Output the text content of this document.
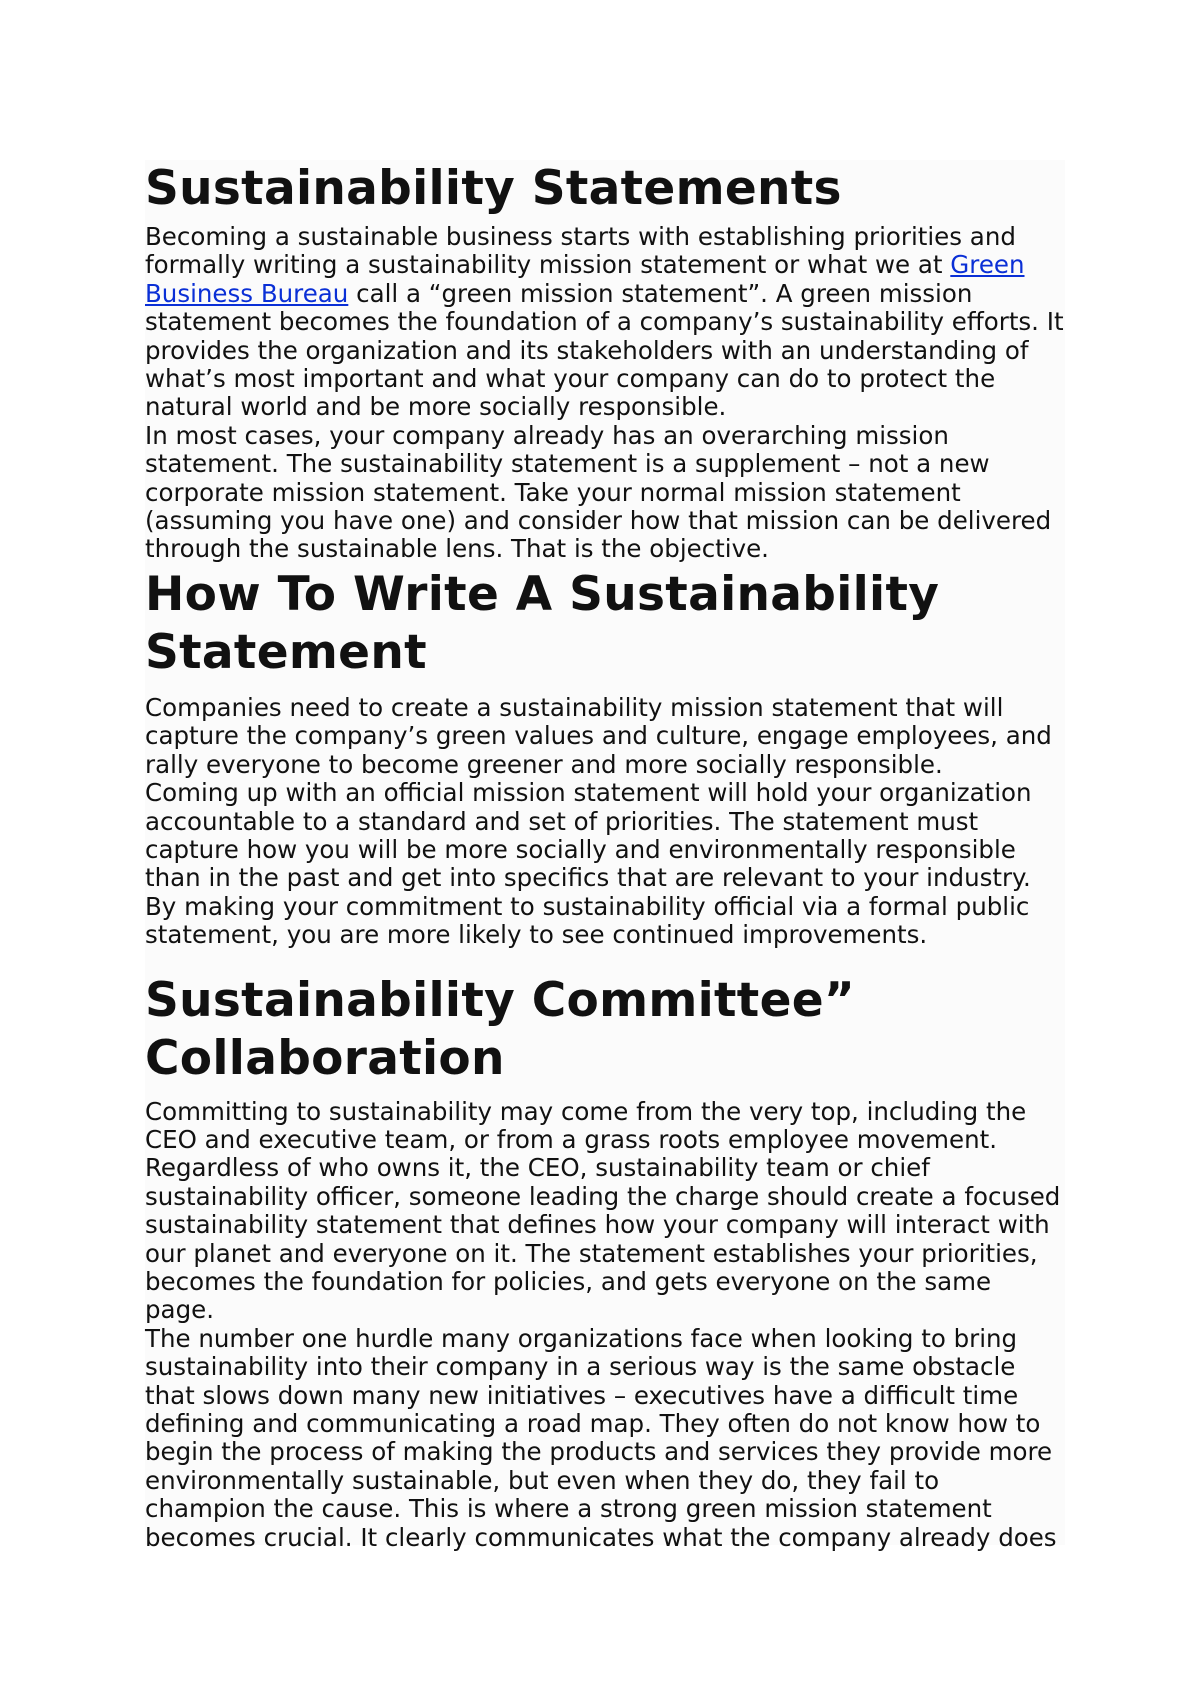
Sustainability Statements

Becoming a sustainable business starts with establishing priorities and formally writing a sustainability mission statement or what we at Green Business Bureau call a “green mission statement”. A green mission statement becomes the foundation of a company’s sustainability efforts. It provides the organization and its stakeholders with an understanding of what’s most important and what your company can do to protect the natural world and be more socially responsible.

In most cases, your company already has an overarching mission statement. The sustainability statement is a supplement – not a new corporate mission statement. Take your normal mission statement (assuming you have one) and consider how that mission can be delivered through the sustainable lens. That is the objective.

How To Write A Sustainability Statement

Companies need to create a sustainability mission statement that will capture the company’s green values and culture, engage employees, and rally everyone to become greener and more socially responsible.

Coming up with an official mission statement will hold your organization accountable to a standard and set of priorities. The statement must capture how you will be more socially and environmentally responsible than in the past and get into specifics that are relevant to your industry. By making your commitment to sustainability official via a formal public statement, you are more likely to see continued improvements.

Sustainability Committee” Collaboration

Committing to sustainability may come from the very top, including the CEO and executive team, or from a grass roots employee movement. Regardless of who owns it, the CEO, sustainability team or chief sustainability officer, someone leading the charge should create a focused sustainability statement that defines how your company will interact with our planet and everyone on it. The statement establishes your priorities, becomes the foundation for policies, and gets everyone on the same page.

The number one hurdle many organizations face when looking to bring sustainability into their company in a serious way is the same obstacle that slows down many new initiatives – executives have a difficult time defining and communicating a road map. They often do not know how to begin the process of making the products and services they provide more environmentally sustainable, but even when they do, they fail to champion the cause. This is where a strong green mission statement becomes crucial. It clearly communicates what the company already does
